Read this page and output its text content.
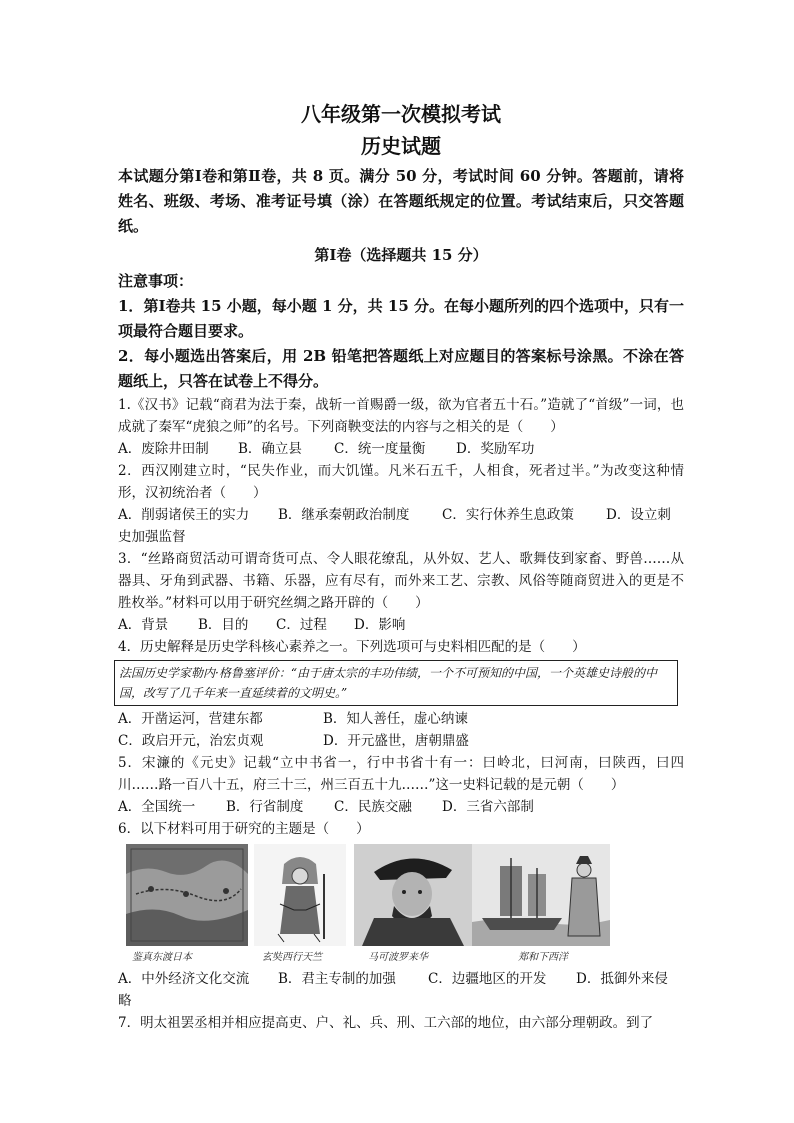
八年级第一次模拟考试

历史试题

本试题分第Ⅰ卷和第Ⅱ卷，共 8 页。满分 50 分，考试时间 60 分钟。答题前，请将姓名、班级、考场、准考证号填（涂）在答题纸规定的位置。考试结束后，只交答题纸。

第Ⅰ卷（选择题共 15 分）

注意事项：

1．第Ⅰ卷共 15 小题，每小题 1 分，共 15 分。在每小题所列的四个选项中，只有一项最符合题目要求。

2．每小题选出答案后，用 2B 铅笔把答题纸上对应题目的答案标号涂黑。不涂在答题纸上，只答在试卷上不得分。

1.《汉书》记载“商君为法于秦，战斩一首赐爵一级，欲为官者五十石。”造就了“首级”一词，也成就了秦军“虎狼之师”的名号。下列商鞅变法的内容与之相关的是（　　）

A．废除井田制 B．确立县 C．统一度量衡 D．奖励军功

2．西汉刚建立时，“民失作业，而大饥馑。凡米石五千，人相食，死者过半。”为改变这种情形，汉初统治者（　　）

A．削弱诸侯王的实力 B．继承秦朝政治制度 C．实行休养生息政策 D．设立刺

史加强监督

3．“丝路商贸活动可谓奇货可点、令人眼花缭乱，从外奴、艺人、歌舞伎到家畜、野兽……从器具、牙角到武器、书籍、乐器，应有尽有，而外来工艺、宗教、风俗等随商贸进入的更是不胜枚举。”材料可以用于研究丝绸之路开辟的（　　）

A．背景 B．目的 C．过程 D．影响

4．历史解释是历史学科核心素养之一。下列选项可与史料相匹配的是（　　）

法国历史学家勒内·格鲁塞评价：“由于唐太宗的丰功伟绩，一个不可预知的中国，一个英雄史诗般的中国，改写了几千年来一直延续着的文明史。”
A．开凿运河，营建东都	B．知人善任，虚心纳谏
C．政启开元，治宏贞观	D．开元盛世，唐朝鼎盛

5．宋濂的《元史》记载“立中书省一，行中书省十有一：曰岭北，曰河南，曰陕西，曰四川……路一百八十五，府三十三，州三百五十九……”这一史料记载的是元朝（　　）

A．全国统一 B．行省制度 C．民族交融 D．三省六部制

6．以下材料可用于研究的主题是（　　）

鉴真东渡日本	玄奘西行天竺	马可波罗来华	郑和下西洋

A．中外经济文化交流 B．君主专制的加强 C．边疆地区的开发 D．抵御外来侵

略

7．明太祖罢丞相并相应提高吏、户、礼、兵、刑、工六部的地位，由六部分理朝政。到了
